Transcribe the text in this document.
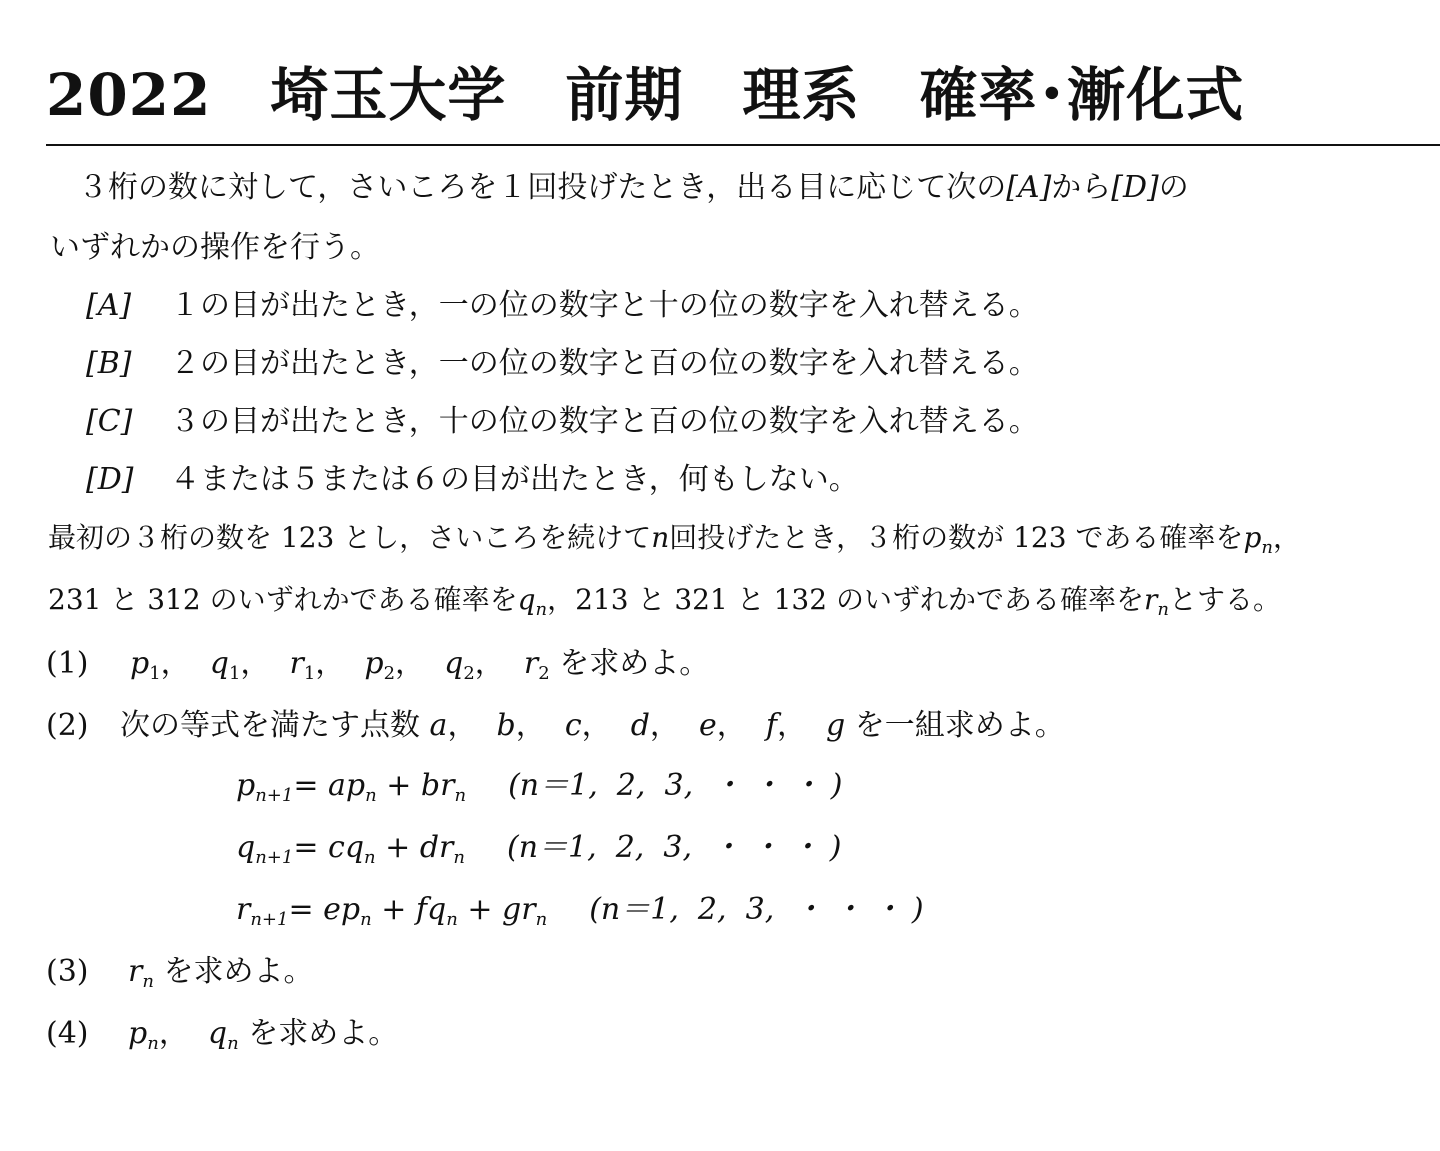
2022　埼玉大学　前期　理系　確率･漸化式
３桁の数に対して，さいころを１回投げたとき，出る目に応じて次の[A]から[D]の
いずれかの操作を行う。
[A] １の目が出たとき，一の位の数字と十の位の数字を入れ替える。
[B] ２の目が出たとき，一の位の数字と百の位の数字を入れ替える。
[C] ３の目が出たとき，十の位の数字と百の位の数字を入れ替える。
[D] ４または５または６の目が出たとき，何もしない。
最初の３桁の数を 123 とし，さいころを続けてn回投げたとき，３桁の数が 123 である確率を$p_n$，
231 と 312 のいずれかである確率を$q_n$，213 と 321 と 132 のいずれかである確率を$r_n$とする。
(1) $p_1$，  $q_1$，  $r_1$，  $p_2$，  $q_2$，  $r_2$ を求めよ。
(2) 次の等式を満たす点数 a，  b，  c，  d，  e，  f，  g を一組求めよ。
$p_{n+1}= ap_n + br_n$ (n＝1,  2,  3,  ・ ・ ・ )
$q_{n+1}= cq_n + dr_n$ (n＝1,  2,  3,  ・ ・ ・ )
$r_{n+1}= ep_n + fq_n + gr_n$ (n＝1,  2,  3,  ・ ・ ・ )
(3) $r_n$ を求めよ。
(4) $p_n$， $q_n$ を求めよ。
